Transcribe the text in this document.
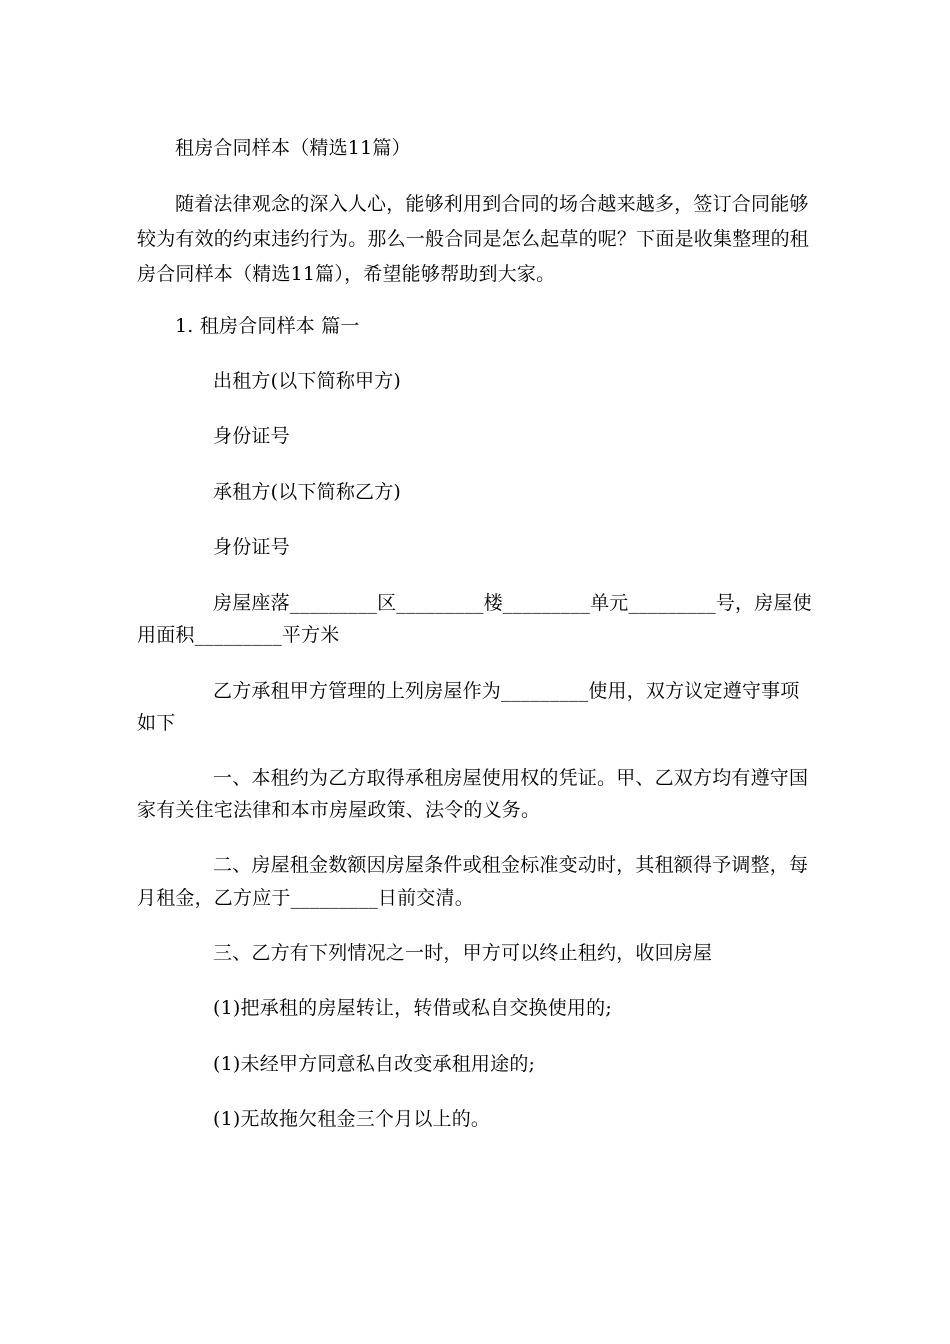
租房合同样本（精选11篇）
随着法律观念的深入人心，能够利用到合同的场合越来越多，签订合同能够
较为有效的约束违约行为。那么一般合同是怎么起草的呢？下面是收集整理的租
房合同样本（精选11篇），希望能够帮助到大家。
1. 租房合同样本 篇一
出租方(以下简称甲方)
身份证号
承租方(以下简称乙方)
身份证号
房屋座落_________区_________楼_________单元_________号，房屋使
用面积_________平方米
乙方承租甲方管理的上列房屋作为_________使用，双方议定遵守事项
如下
一、本租约为乙方取得承租房屋使用权的凭证。甲、乙双方均有遵守国
家有关住宅法律和本市房屋政策、法令的义务。
二、房屋租金数额因房屋条件或租金标准变动时，其租额得予调整，每
月租金，乙方应于_________日前交清。
三、乙方有下列情况之一时，甲方可以终止租约，收回房屋
(1)把承租的房屋转让，转借或私自交换使用的;
(1)未经甲方同意私自改变承租用途的;
(1)无故拖欠租金三个月以上的。
